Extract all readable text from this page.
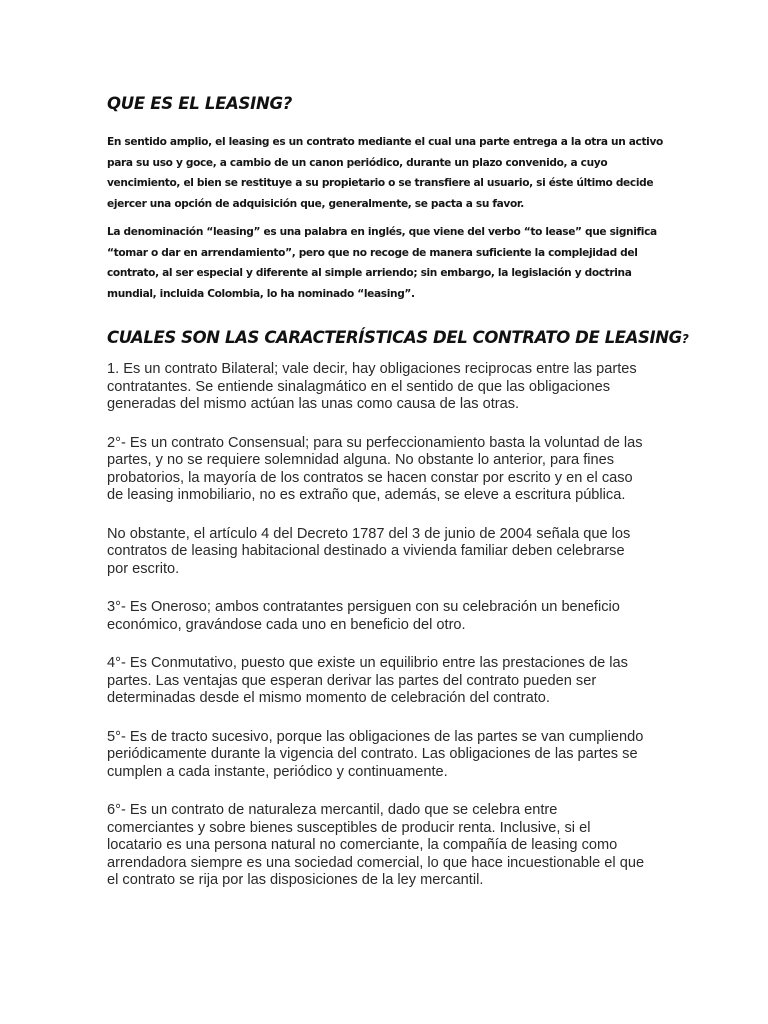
QUE ES EL LEASING?

En sentido amplio, el leasing es un contrato mediante el cual una parte entrega a la otra un activo para su uso y goce, a cambio de un canon periódico, durante un plazo convenido, a cuyo vencimiento, el bien se restituye a su propietario o se transfiere al usuario, si éste último decide ejercer una opción de adquisición que, generalmente, se pacta a su favor.

La denominación “leasing” es una palabra en inglés, que viene del verbo “to lease” que significa “tomar o dar en arrendamiento”, pero que no recoge de manera suficiente la complejidad del contrato, al ser especial y diferente al simple arriendo; sin embargo, la legislación y doctrina mundial, incluida Colombia, lo ha nominado “leasing”.

CUALES SON LAS CARACTERÍSTICAS DEL CONTRATO DE LEASING?

1. Es un contrato Bilateral; vale decir, hay obligaciones reciprocas entre las partes contratantes. Se entiende sinalagmático en el sentido de que las obligaciones generadas del mismo actúan las unas como causa de las otras.

2°- Es un contrato Consensual; para su perfeccionamiento basta la voluntad de las partes, y no se requiere solemnidad alguna. No obstante lo anterior, para fines probatorios, la mayoría de los contratos se hacen constar por escrito y en el caso de leasing inmobiliario, no es extraño que, además, se eleve a escritura pública.

No obstante, el artículo 4 del Decreto 1787 del 3 de junio de 2004 señala que los contratos de leasing habitacional destinado a vivienda familiar deben celebrarse por escrito.

3°- Es Oneroso; ambos contratantes persiguen con su celebración un beneficio económico, gravándose cada uno en beneficio del otro.

4°- Es Conmutativo, puesto que existe un equilibrio entre las prestaciones de las partes. Las ventajas que esperan derivar las partes del contrato pueden ser determinadas desde el mismo momento de celebración del contrato.

5°- Es de tracto sucesivo, porque las obligaciones de las partes se van cumpliendo periódicamente durante la vigencia del contrato. Las obligaciones de las partes se cumplen a cada instante, periódico y continuamente.

6°- Es un contrato de naturaleza mercantil, dado que se celebra entre comerciantes y sobre bienes susceptibles de producir renta. Inclusive, si el locatario es una persona natural no comerciante, la compañía de leasing como arrendadora siempre es una sociedad comercial, lo que hace incuestionable el que el contrato se rija por las disposiciones de la ley mercantil.
